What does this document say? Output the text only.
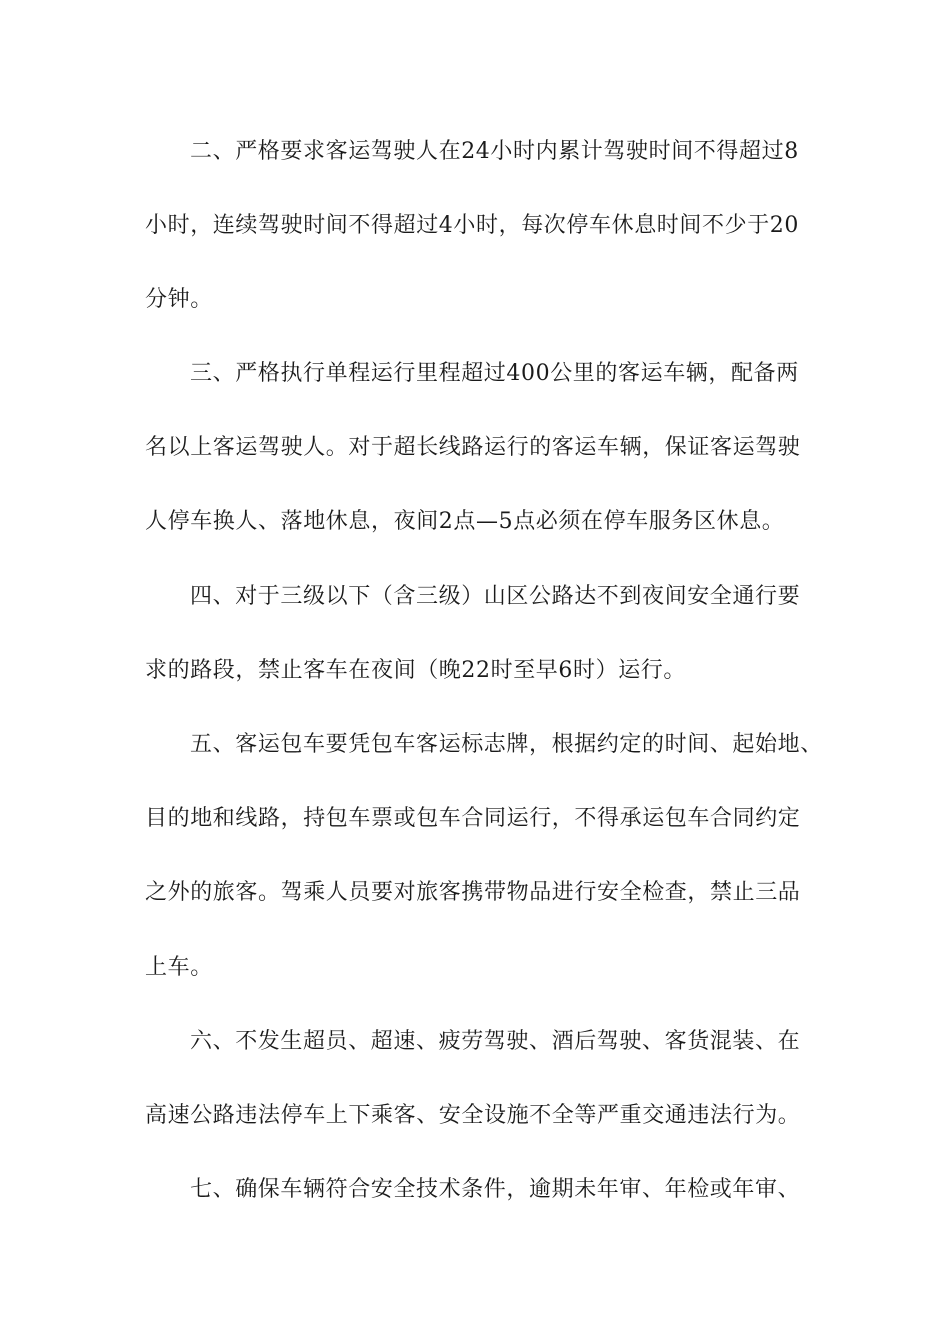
二、严格要求客运驾驶人在24小时内累计驾驶时间不得超过8

小时，连续驾驶时间不得超过4小时，每次停车休息时间不少于20

分钟。

三、严格执行单程运行里程超过400公里的客运车辆，配备两

名以上客运驾驶人。对于超长线路运行的客运车辆，保证客运驾驶

人停车换人、落地休息，夜间2点—5点必须在停车服务区休息。

四、对于三级以下（含三级）山区公路达不到夜间安全通行要

求的路段，禁止客车在夜间（晚22时至早6时）运行。

五、客运包车要凭包车客运标志牌，根据约定的时间、起始地、

目的地和线路，持包车票或包车合同运行，不得承运包车合同约定

之外的旅客。驾乘人员要对旅客携带物品进行安全检查，禁止三品

上车。

六、不发生超员、超速、疲劳驾驶、酒后驾驶、客货混装、在

高速公路违法停车上下乘客、安全设施不全等严重交通违法行为。

七、确保车辆符合安全技术条件，逾期未年审、年检或年审、
